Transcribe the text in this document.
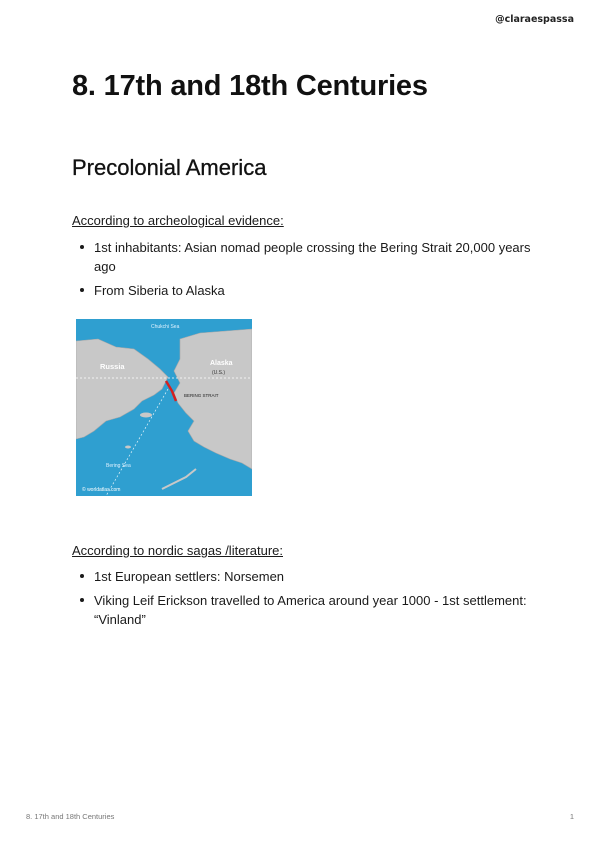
@claraespassa
8. 17th and 18th Centuries
Precolonial America
According to archeological evidence:
1st inhabitants: Asian nomad people crossing the Bering Strait 20,000 years ago
From Siberia to Alaska
Chukchi Sea
Russia	Alaska
(U.S.)
BERING STRAIT
Bering Sea
© worldatlas.com
According to nordic sagas /literature:
1st European settlers: Norsemen
Viking Leif Erickson travelled to America around year 1000 - 1st settlement: “Vinland”
8. 17th and 18th Centuries	1
